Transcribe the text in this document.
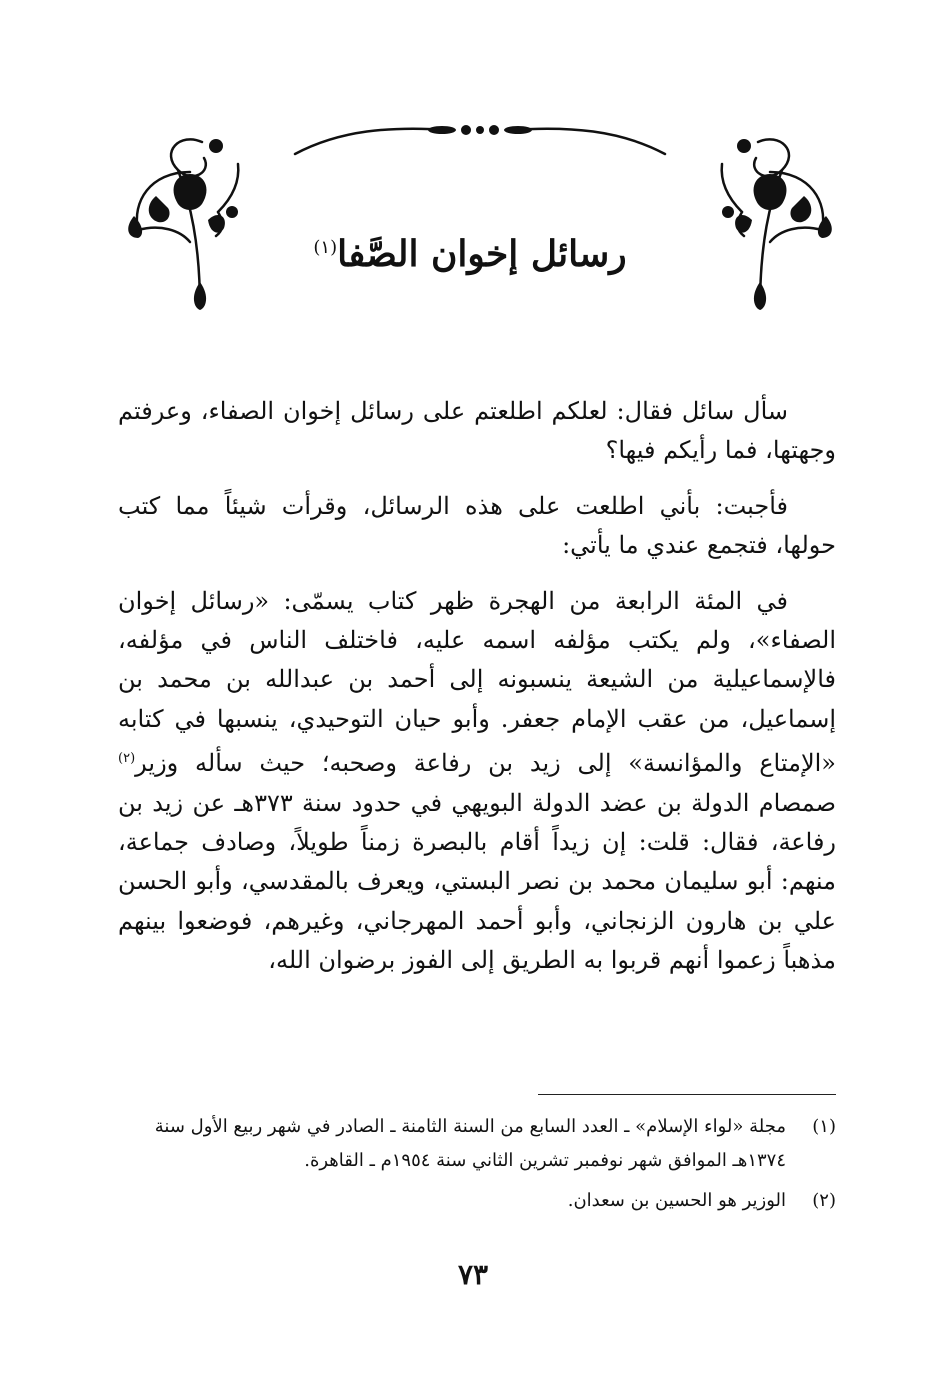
رسائل إخوان الصَّفا$^{(١)}$

سأل سائل فقال: لعلكم اطلعتم على رسائل إخوان الصفاء، وعرفتم وجهتها، فما رأيكم فيها؟

فأجبت: بأني اطلعت على هذه الرسائل، وقرأت شيئاً مما كتب حولها، فتجمع عندي ما يأتي:

في المئة الرابعة من الهجرة ظهر كتاب يسمّى: «رسائل إخوان الصفاء»، ولم يكتب مؤلفه اسمه عليه، فاختلف الناس في مؤلفه، فالإسماعيلية من الشيعة ينسبونه إلى أحمد بن عبدالله بن محمد بن إسماعيل، من عقب الإمام جعفر. وأبو حيان التوحيدي، ينسبها في كتابه «الإمتاع والمؤانسة» إلى زيد بن رفاعة وصحبه؛ حيث سأله وزير$^{(٢)}$ صمصام الدولة بن عضد الدولة البويهي في حدود سنة ٣٧٣هـ عن زيد بن رفاعة، فقال: قلت: إن زيداً أقام بالبصرة زمناً طويلاً، وصادف جماعة، منهم: أبو سليمان محمد بن نصر البستي، ويعرف بالمقدسي، وأبو الحسن علي بن هارون الزنجاني، وأبو أحمد المهرجاني، وغيرهم، فوضعوا بينهم مذهباً زعموا أنهم قربوا به الطريق إلى الفوز برضوان الله،

(١)
مجلة «لواء الإسلام» ـ العدد السابع من السنة الثامنة ـ الصادر في شهر ربيع الأول سنة ١٣٧٤هـ الموافق شهر نوفمبر تشرين الثاني سنة ١٩٥٤م ـ القاهرة.
(٢)
الوزير هو الحسين بن سعدان.
٧٣
